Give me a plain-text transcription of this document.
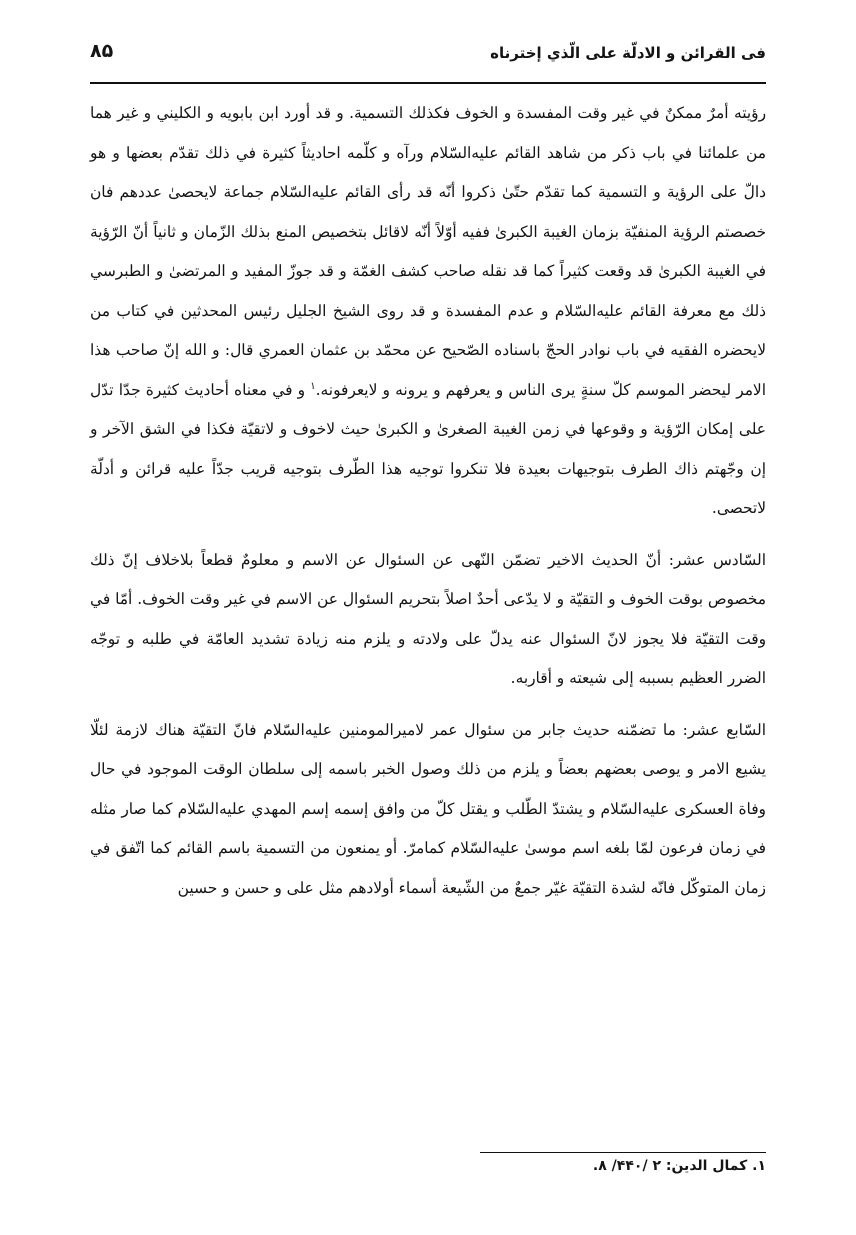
فی القرائن و الادلّة علی الّذي إخترناه
۸۵

رؤيته أمرٌ ممكنٌ في غير وقت المفسدة و الخوف فكذلك التسمية. و قد أورد ابن بابويه و الكليني و غير هما من علمائنا في باب ذكر من شاهد القائم عليه‌السّلام ورآه و كلّمه احاديثاً كثيرة في ذلك تقدّم بعضها و هو دالّ على الرؤية و التسمية كما تقدّم حتّىٰ ذكروا أنّه قد رأى القائم عليه‌السّلام جماعة لايحصىٰ عددهم فان خصصتم الرؤية المنفيّة بزمان الغيبة الكبرىٰ ففيه أوّلاً أنّه لاقائل بتخصيص المنع بذلك الزّمان و ثانياً أنّ الرّؤية في الغيبة الكبرىٰ قد وقعت كثيراً كما قد نقله صاحب كشف الغمّة و قد جوزّ المفيد و المرتضىٰ و الطبرسي ذلك مع معرفة القائم عليه‌السّلام و عدم المفسدة و قد روى الشيخ الجليل رئيس المحدثين في كتاب من لايحضره الفقيه في باب نوادر الحجّ باسناده الصّحيح عن محمّد بن عثمان العمري قال: و الله إنّ صاحب هذا الامر ليحضر الموسم كلّ سنةٍ يرى الناس و يعرفهم و يرونه و لايعرفونه.$^۱$ و في معناه أحاديث كثيرة جدّا تدّل على إمكان الرّؤية و وقوعها في زمن الغيبة الصغرىٰ و الكبرىٰ حيث لاخوف و لاتقيّة فكذا في الشق الآخر و إن وجّهتم ذاك الطرف بتوجيهات بعيدة فلا تنكروا توجيه هذا الطّرف بتوجيه قريب جدّاً عليه قرائن و أدلّة لاتحصى.

السّادس عشر: أنّ الحديث الاخير تضمّن النّهى عن السئوال عن الاسم و معلومٌ قطعاً بلاخلاف إنّ ذلك مخصوص بوقت الخوف و التقيّة و لا يدّعى أحدٌ اصلاً بتحريم السئوال عن الاسم في غير وقت الخوف. أمّا في وقت التقيّة فلا يجوز لانّ السئوال عنه يدلّ على ولادته و يلزم منه زيادة تشديد العامّة في طلبه و توجّه الضرر العظيم بسببه إلى شيعته و أقاربه.

السّابع عشر: ما تضمّنه حديث جابر من سئوال عمر لاميرالمومنين عليه‌السّلام فانّ التقيّة هناك لازمة لئلّا يشيع الامر و يوصى بعضهم بعضاً و يلزم من ذلك وصول الخبر باسمه إلى سلطان الوقت الموجود في حال وفاة العسكرى عليه‌السّلام و يشتدّ الطّلب و يقتل كلّ من وافق إسمه إسم المهدي عليه‌السّلام كما صار مثله في زمان فرعون لمّا بلغه اسم موسىٰ عليه‌السّلام كمامرّ. أو يمنعون من التسمية باسم القائم كما اتّفق في زمان المتوكّل فانّه لشدة التقيّة غيّر جمعٌ من الشّيعة أسماء أولادهم مثل على و حسن و حسين

۱. كمال الدين: ۲ /۴۴۰/ ۸.
